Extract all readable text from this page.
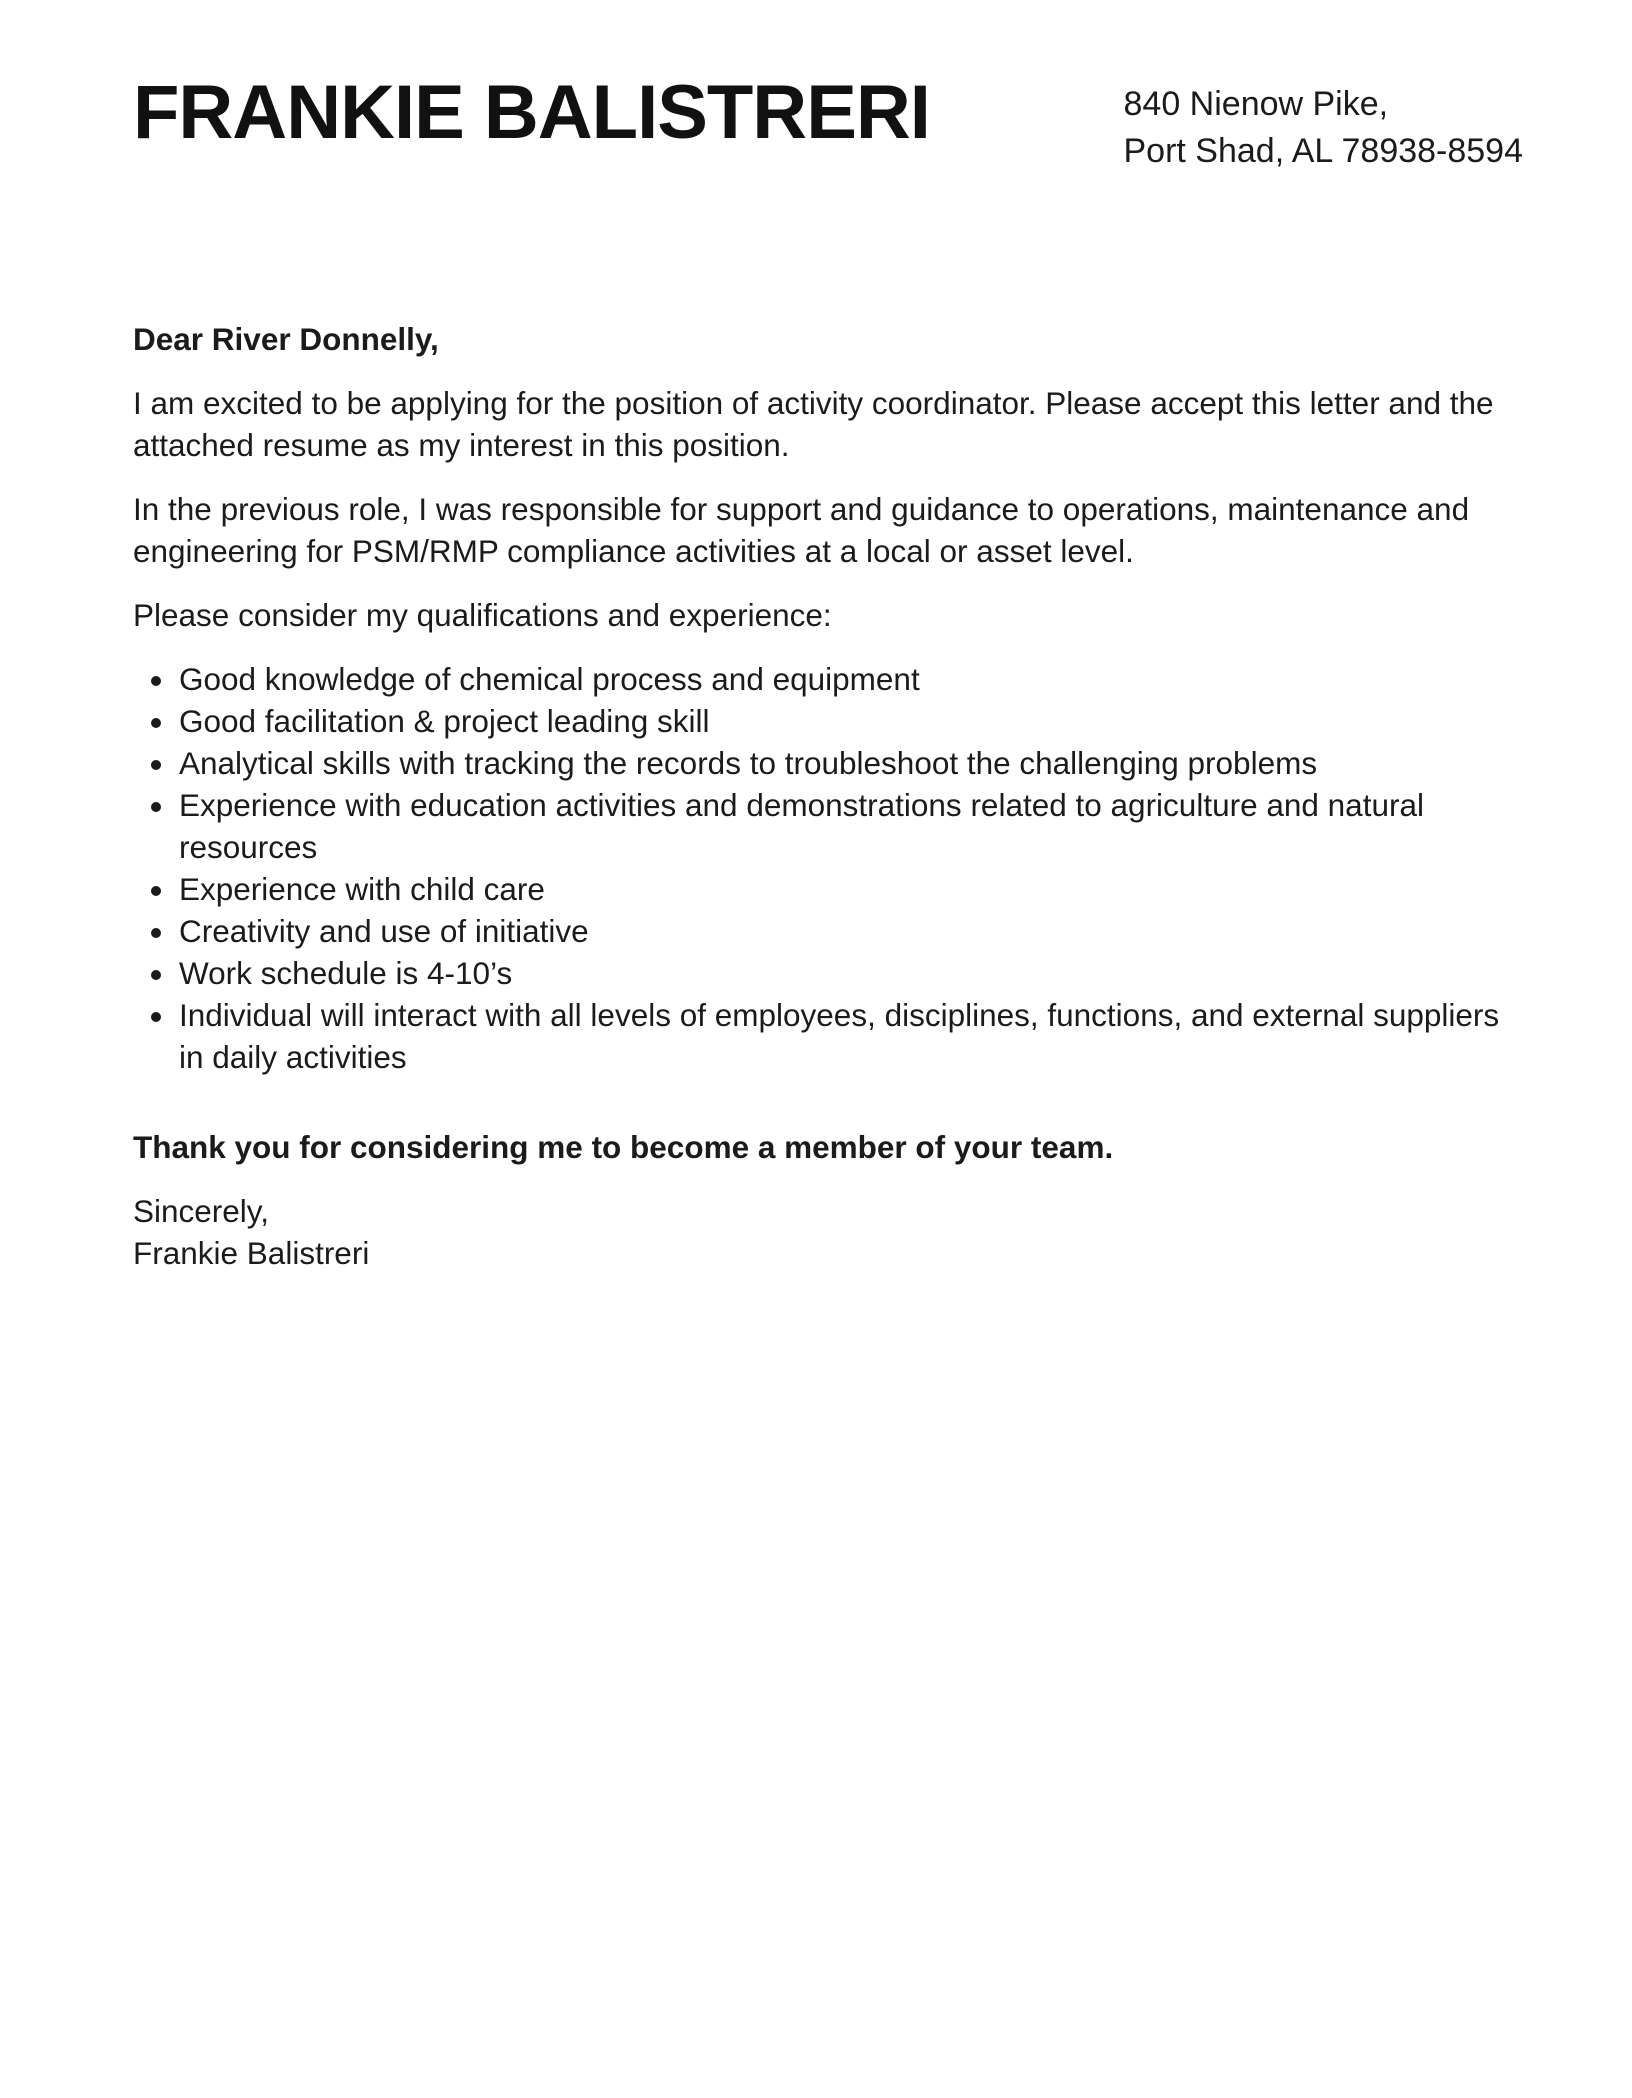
FRANKIE BALISTRERI	840 Nienow Pike,
Port Shad, AL 78938-8594
Dear River Donnelly,
I am excited to be applying for the position of activity coordinator. Please accept this letter and the attached resume as my interest in this position.
In the previous role, I was responsible for support and guidance to operations, maintenance and engineering for PSM/RMP compliance activities at a local or asset level.
Please consider my qualifications and experience:
• Good knowledge of chemical process and equipment
• Good facilitation & project leading skill
• Analytical skills with tracking the records to troubleshoot the challenging problems
• Experience with education activities and demonstrations related to agriculture and natural resources
• Experience with child care
• Creativity and use of initiative
• Work schedule is 4-10’s
• Individual will interact with all levels of employees, disciplines, functions, and external suppliers in daily activities
Thank you for considering me to become a member of your team.
Sincerely,
Frankie Balistreri
